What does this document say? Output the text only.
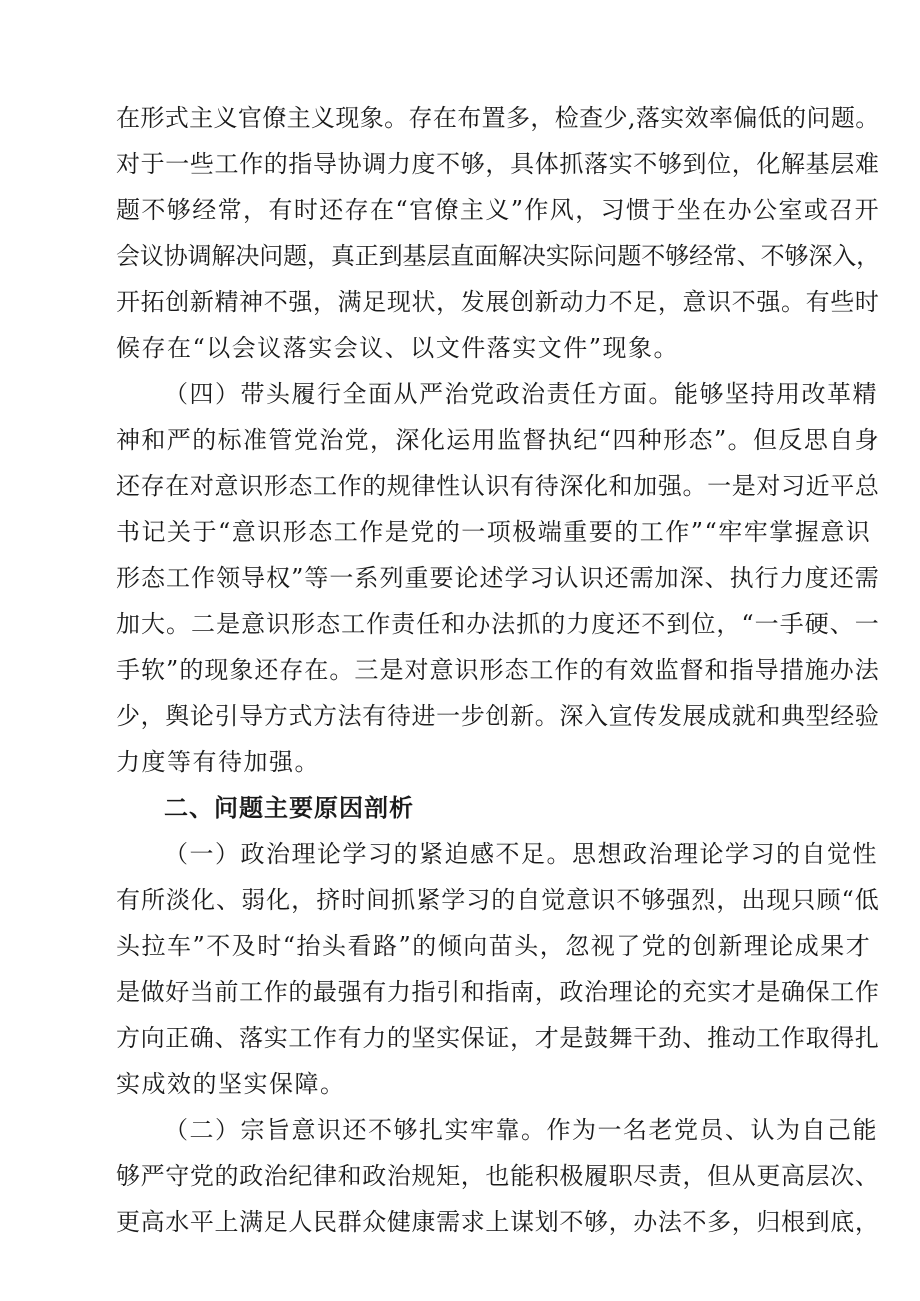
在形式主义官僚主义现象。存在布置多，检查少,落实效率偏低的问题。
对于一些工作的指导协调力度不够，具体抓落实不够到位，化解基层难
题不够经常，有时还存在“官僚主义”作风，习惯于坐在办公室或召开
会议协调解决问题，真正到基层直面解决实际问题不够经常、不够深入，
开拓创新精神不强，满足现状，发展创新动力不足，意识不强。有些时
候存在“以会议落实会议、以文件落实文件”现象。
（四）带头履行全面从严治党政治责任方面。能够坚持用改革精
神和严的标准管党治党，深化运用监督执纪“四种形态”。但反思自身
还存在对意识形态工作的规律性认识有待深化和加强。一是对习近平总
书记关于“意识形态工作是党的一项极端重要的工作”“牢牢掌握意识
形态工作领导权”等一系列重要论述学习认识还需加深、执行力度还需
加大。二是意识形态工作责任和办法抓的力度还不到位，“一手硬、一
手软”的现象还存在。三是对意识形态工作的有效监督和指导措施办法
少，舆论引导方式方法有待进一步创新。深入宣传发展成就和典型经验
力度等有待加强。
二、问题主要原因剖析
（一）政治理论学习的紧迫感不足。思想政治理论学习的自觉性
有所淡化、弱化，挤时间抓紧学习的自觉意识不够强烈，出现只顾“低
头拉车”不及时“抬头看路”的倾向苗头，忽视了党的创新理论成果才
是做好当前工作的最强有力指引和指南，政治理论的充实才是确保工作
方向正确、落实工作有力的坚实保证，才是鼓舞干劲、推动工作取得扎
实成效的坚实保障。
（二）宗旨意识还不够扎实牢靠。作为一名老党员、认为自己能
够严守党的政治纪律和政治规矩，也能积极履职尽责，但从更高层次、
更高水平上满足人民群众健康需求上谋划不够，办法不多，归根到底，
